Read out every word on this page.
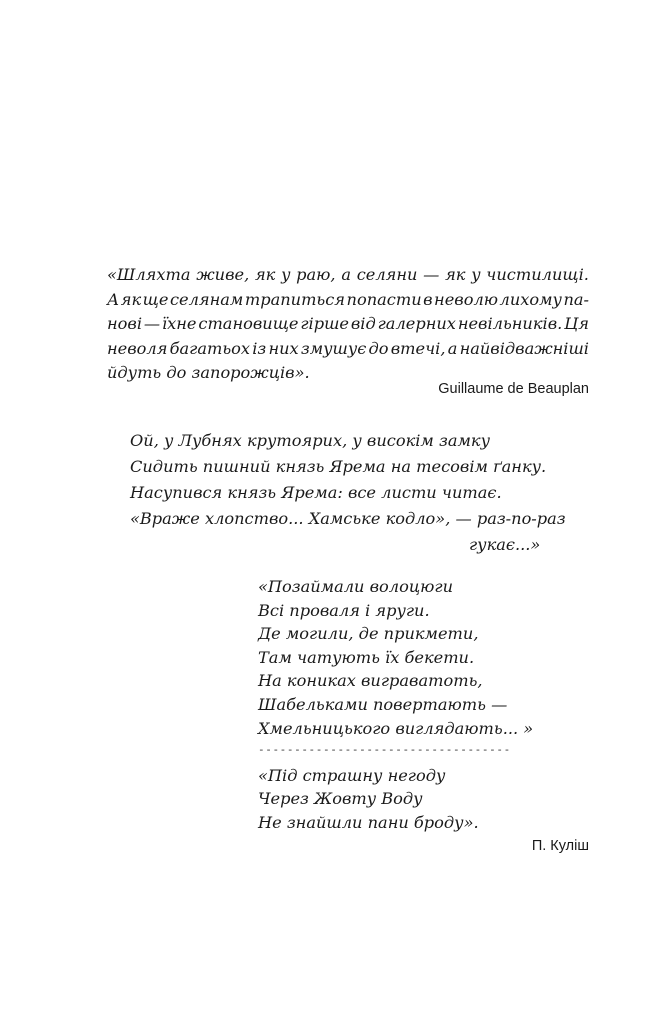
«Шляхта живе, як у раю, а селяни — як у чистилищі.
А як ще селянам трапиться попасти в неволю лихому па-
нові — їхне становище гірше від галерних невільників. Ця
неволя багатьох із них змушує до втечі, а найвідважніші
йдуть до запорожців».
Guillaume de Beauplan
Ой, у Лубнях крутоярих, у високім замку
Сидить пишний князь Ярема на тесовім ґанку.
Насупився князь Ярема: все листи читає.
«Враже хлопство... Хамське кодло», — раз-по-раз
гукає...»
«Позаймали волоцюги
Всі проваля і яруги.
Де могили, де прикмети,
Там чатують їх бекети.
На кониках виграватоть,
Шабельками повертають —
Хмельницького виглядають... »
-----------------------------------
«Під страшну негоду
Через Жовту Воду
Не знайшли пани броду».
П. Куліш
